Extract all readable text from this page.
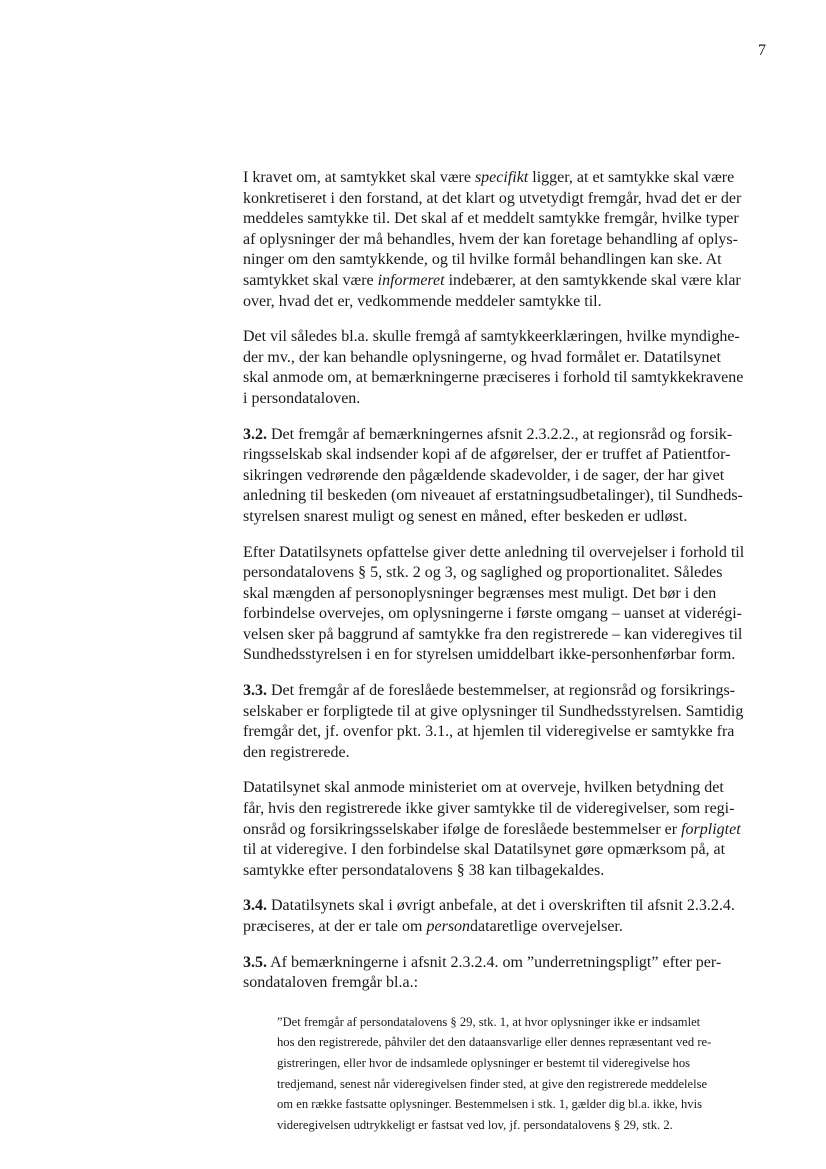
7

I kravet om, at samtykket skal være specifikt ligger, at et samtykke skal være
konkretiseret i den forstand, at det klart og utvetydigt fremgår, hvad det er der
meddeles samtykke til. Det skal af et meddelt samtykke fremgår, hvilke typer
af oplysninger der må behandles, hvem der kan foretage behandling af oplys-
ninger om den samtykkende, og til hvilke formål behandlingen kan ske. At
samtykket skal være informeret indebærer, at den samtykkende skal være klar
over, hvad det er, vedkommende meddeler samtykke til.

Det vil således bl.a. skulle fremgå af samtykkeerklæringen, hvilke myndighe-
der mv., der kan behandle oplysningerne, og hvad formålet er. Datatilsynet
skal anmode om, at bemærkningerne præciseres i forhold til samtykkekravene
i persondataloven.

3.2. Det fremgår af bemærkningernes afsnit 2.3.2.2., at regionsråd og forsik-
ringsselskab skal indsender kopi af de afgørelser, der er truffet af Patientfor-
sikringen vedrørende den pågældende skadevolder, i de sager, der har givet
anledning til beskeden (om niveauet af erstatningsudbetalinger), til Sundheds-
styrelsen snarest muligt og senest en måned, efter beskeden er udløst.

Efter Datatilsynets opfattelse giver dette anledning til overvejelser i forhold til
persondatalovens § 5, stk. 2 og 3, og saglighed og proportionalitet. Således
skal mængden af personoplysninger begrænses mest muligt. Det bør i den
forbindelse overvejes, om oplysningerne i første omgang – uanset at viderégi-
velsen sker på baggrund af samtykke fra den registrerede – kan videregives til
Sundhedsstyrelsen i en for styrelsen umiddelbart ikke-personhenførbar form.

3.3. Det fremgår af de foreslåede bestemmelser, at regionsråd og forsikrings-
selskaber er forpligtede til at give oplysninger til Sundhedsstyrelsen. Samtidig
fremgår det, jf. ovenfor pkt. 3.1., at hjemlen til videregivelse er samtykke fra
den registrerede.

Datatilsynet skal anmode ministeriet om at overveje, hvilken betydning det
får, hvis den registrerede ikke giver samtykke til de videregivelser, som regi-
onsråd og forsikringsselskaber ifølge de foreslåede bestemmelser er forpligtet
til at videregive. I den forbindelse skal Datatilsynet gøre opmærksom på, at
samtykke efter persondatalovens § 38 kan tilbagekaldes.

3.4. Datatilsynets skal i øvrigt anbefale, at det i overskriften til afsnit 2.3.2.4.
præciseres, at der er tale om persondataretlige overvejelser.

3.5. Af bemærkningerne i afsnit 2.3.2.4. om ”underretningspligt” efter per-
sondataloven fremgår bl.a.:

”Det fremgår af persondatalovens § 29, stk. 1, at hvor oplysninger ikke er indsamlet
hos den registrerede, påhviler det den dataansvarlige eller dennes repræsentant ved re-
gistreringen, eller hvor de indsamlede oplysninger er bestemt til videregivelse hos
tredjemand, senest når videregivelsen finder sted, at give den registrerede meddelelse
om en række fastsatte oplysninger. Bestemmelsen i stk. 1, gælder dig bl.a. ikke, hvis
videregivelsen udtrykkeligt er fastsat ved lov, jf. persondatalovens § 29, stk. 2.
